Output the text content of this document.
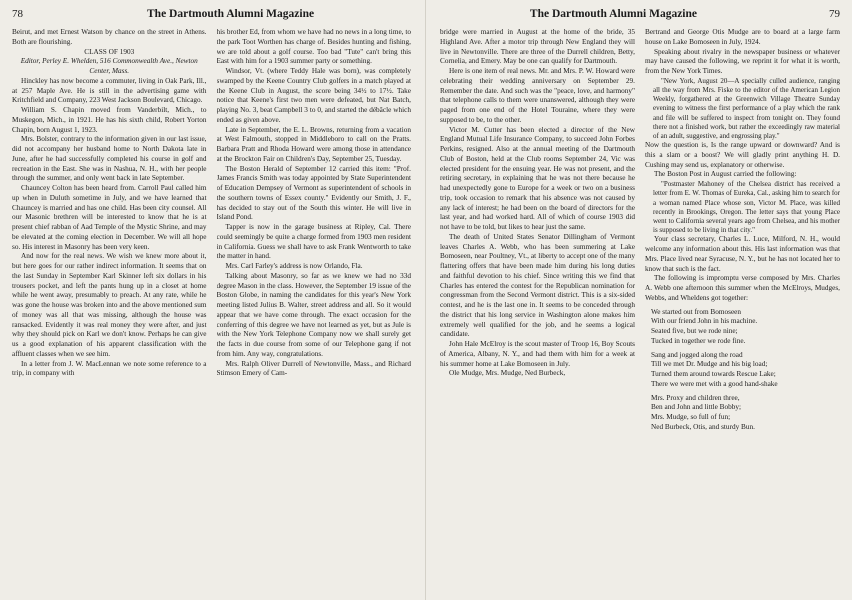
78	The Dartmouth Alumni Magazine

Beirut, and met Ernest Watson by chance on the street in Athens. Both are flourishing.

CLASS OF 1903

Editor, Perley E. Whelden, 516 Commonwealth Ave., Newton Center, Mass.

Hinckley has now become a commuter, living in Oak Park, Ill., at 257 Maple Ave. He is still in the advertising game with Kritchfield and Company, 223 West Jackson Boulevard, Chicago.

William S. Chapin moved from Vanderbilt, Mich., to Muskegon, Mich., in 1921. He has his sixth child, Robert Yorton Chapin, born August 1, 1923.

Mrs. Bolster, contrary to the information given in our last issue, did not accompany her husband home to North Dakota late in June, after he had successfully completed his course in golf and recreation in the East. She was in Nashua, N. H., with her people through the summer, and only went back in late September.

Chauncey Colton has been heard from. Carroll Paul called him up when in Duluth sometime in July, and we have learned that Chauncey is married and has one child. Has been city counsel. All our Masonic brethren will be interested to know that he is at present chief rabban of Aad Temple of the Mystic Shrine, and may be elevated at the coming election in December. We will all hope so. His interest in Masonry has been very keen.

And now for the real news. We wish we knew more about it, but here goes for our rather indirect information. It seems that on the last Sunday in September Karl Skinner left six dollars in his trousers pocket, and left the pants hung up in a closet at home while he went away, presumably to preach. At any rate, while he was gone the house was broken into and the above mentioned sum of money was all that was missing, although the house was ransacked. Evidently it was real money they were after, and just why they should pick on Karl we don't know. Perhaps he can give us a good explanation of his apparent classification with the affluent classes when we see him.

In a letter from J. W. MacLennan we note some reference to a trip, in company with

his brother Ed, from whom we have had no news in a long time, to the park Toot Worthen has charge of. Besides hunting and fishing, we are told about a golf course. Too bad "Tute" can't bring this East with him for a 1903 summer party or something.

Windsor, Vt. (where Teddy Hale was born), was completely swamped by the Keene Country Club golfers in a match played at the Keene Club in August, the score being 34½ to 17½. Take notice that Keene's first two men were defeated, but Nat Batch, playing No. 3, beat Campbell 3 to 0, and started the débâcle which ended as given above.

Late in September, the E. L. Browns, returning from a vacation at West Falmouth, stopped in Middleboro to call on the Pratts. Barbara Pratt and Rhoda Howard were among those in attendance at the Brockton Fair on Children's Day, September 25, Tuesday.

The Boston Herald of September 12 carried this item: "Prof. James Francis Smith was today appointed by State Superintendent of Education Dempsey of Vermont as superintendent of schools in the southern towns of Essex county." Evidently our Smith, J. F., has decided to stay out of the South this winter. He will live in Island Pond.

Tapper is now in the garage business at Ripley, Cal. There could seemingly be quite a charge formed from 1903 men resident in California. Guess we shall have to ask Frank Wentworth to take the matter in hand.

Mrs. Carl Farley's address is now Orlando, Fla.

Talking about Masonry, so far as we knew we had no 33d degree Mason in the class. However, the September 19 issue of the Boston Globe, in naming the candidates for this year's New York meeting listed Julius B. Walter, street address and all. So it would appear that we have come through. The exact occasion for the conferring of this degree we have not learned as yet, but as Jule is with the New York Telephone Company now we shall surely get the facts in due course from some of our Telephone gang if not from him. Any way, congratulations.

Mrs. Ralph Oliver Durrell of Newtonville, Mass., and Richard Stimson Emery of Cam-

The Dartmouth Alumni Magazine	79

bridge were married in August at the home of the bride, 35 Highland Ave. After a motor trip through New England they will live in Newtonville. There are three of the Durrell children, Betty, Cornelia, and Emery. May be one can qualify for Dartmouth.

Here is one item of real news. Mr. and Mrs. P. W. Howard were celebrating their wedding anniversary on September 29. Remember the date. And such was the "peace, love, and harmony" that telephone calls to them were unanswered, although they were paged from one end of the Hotel Touraine, where they were supposed to be, to the other.

Victor M. Cutter has been elected a director of the New England Mutual Life Insurance Company, to succeed John Forbes Perkins, resigned. Also at the annual meeting of the Dartmouth Club of Boston, held at the Club rooms September 24, Vic was elected president for the ensuing year. He was not present, and the retiring secretary, in explaining that he was not there because he had unexpectedly gone to Europe for a week or two on a business trip, took occasion to remark that his absence was not caused by any lack of interest; he had been on the board of directors for the last year, and had worked hard. All of which of course 1903 did not have to be told, but likes to hear just the same.

The death of United States Senator Dillingham of Vermont leaves Charles A. Webb, who has been summering at Lake Bomoseen, near Poultney, Vt., at liberty to accept one of the many flattering offers that have been made him during his long duties and faithful devotion to his chief. Since writing this we find that Charles has entered the contest for the Republican nomination for congressman from the Second Vermont district. This is a six-sided contest, and he is the last one in. It seems to be conceded through the district that his long service in Washington alone makes him extremely well qualified for the job, and he seems a logical candidate.

John Hale McElroy is the scout master of Troop 16, Boy Scouts of America, Albany, N. Y., and had them with him for a week at his summer home at Lake Bomoseen in July.

Ole Mudge, Mrs. Mudge, Ned Burbeck,

Bertrand and George Otis Mudge are to board at a large farm house on Lake Bomoseen in July, 1924.

Speaking about rivalry in the newspaper business or whatever may have caused the following, we reprint it for what it is worth, from the New York Times.

"New York, August 20—A specially culled audience, ranging all the way from Mrs. Fiske to the editor of the American Legion Weekly, forgathered at the Greenwich Village Theatre Sunday evening to witness the first performance of a play which the rank and file will be suffered to inspect from tonight on. They found there not a finished work, but rather the exceedingly raw material of an adult, suggestive, and engrossing play."

Now the question is, Is the range upward or downward? And is this a slam or a boost? We will gladly print anything H. D. Cushing may send us, explanatory or otherwise.

The Boston Post in August carried the following:

"Postmaster Mahoney of the Chelsea district has received a letter from E. W. Thomas of Eureka, Cal., asking him to search for a woman named Place whose son, Victor M. Place, was killed recently in Brookings, Oregon. The letter says that young Place went to California several years ago from Chelsea, and his mother is supposed to be living in that city."

Your class secretary, Charles L. Luce, Milford, N. H., would welcome any information about this. His last information was that Mrs. Place lived near Syracuse, N. Y., but he has not located her to know that such is the fact.

The following is impromptu verse composed by Mrs. Charles A. Webb one afternoon this summer when the McElroys, Mudges, Webbs, and Wheldens got together:

We started out from Bomoseen
With our friend John in his machine.
Seated five, but we rode nine;
Tucked in together we rode fine.

Sang and jogged along the road
Till we met Dr. Mudge and his big load;
Turned them around towards Rescue Lake;
There we were met with a good hand-shake

Mrs. Proxy and children three,
Ben and John and little Bobby;
Mrs. Mudge, so full of fun;
Ned Burbeck, Otis, and sturdy Bun.
